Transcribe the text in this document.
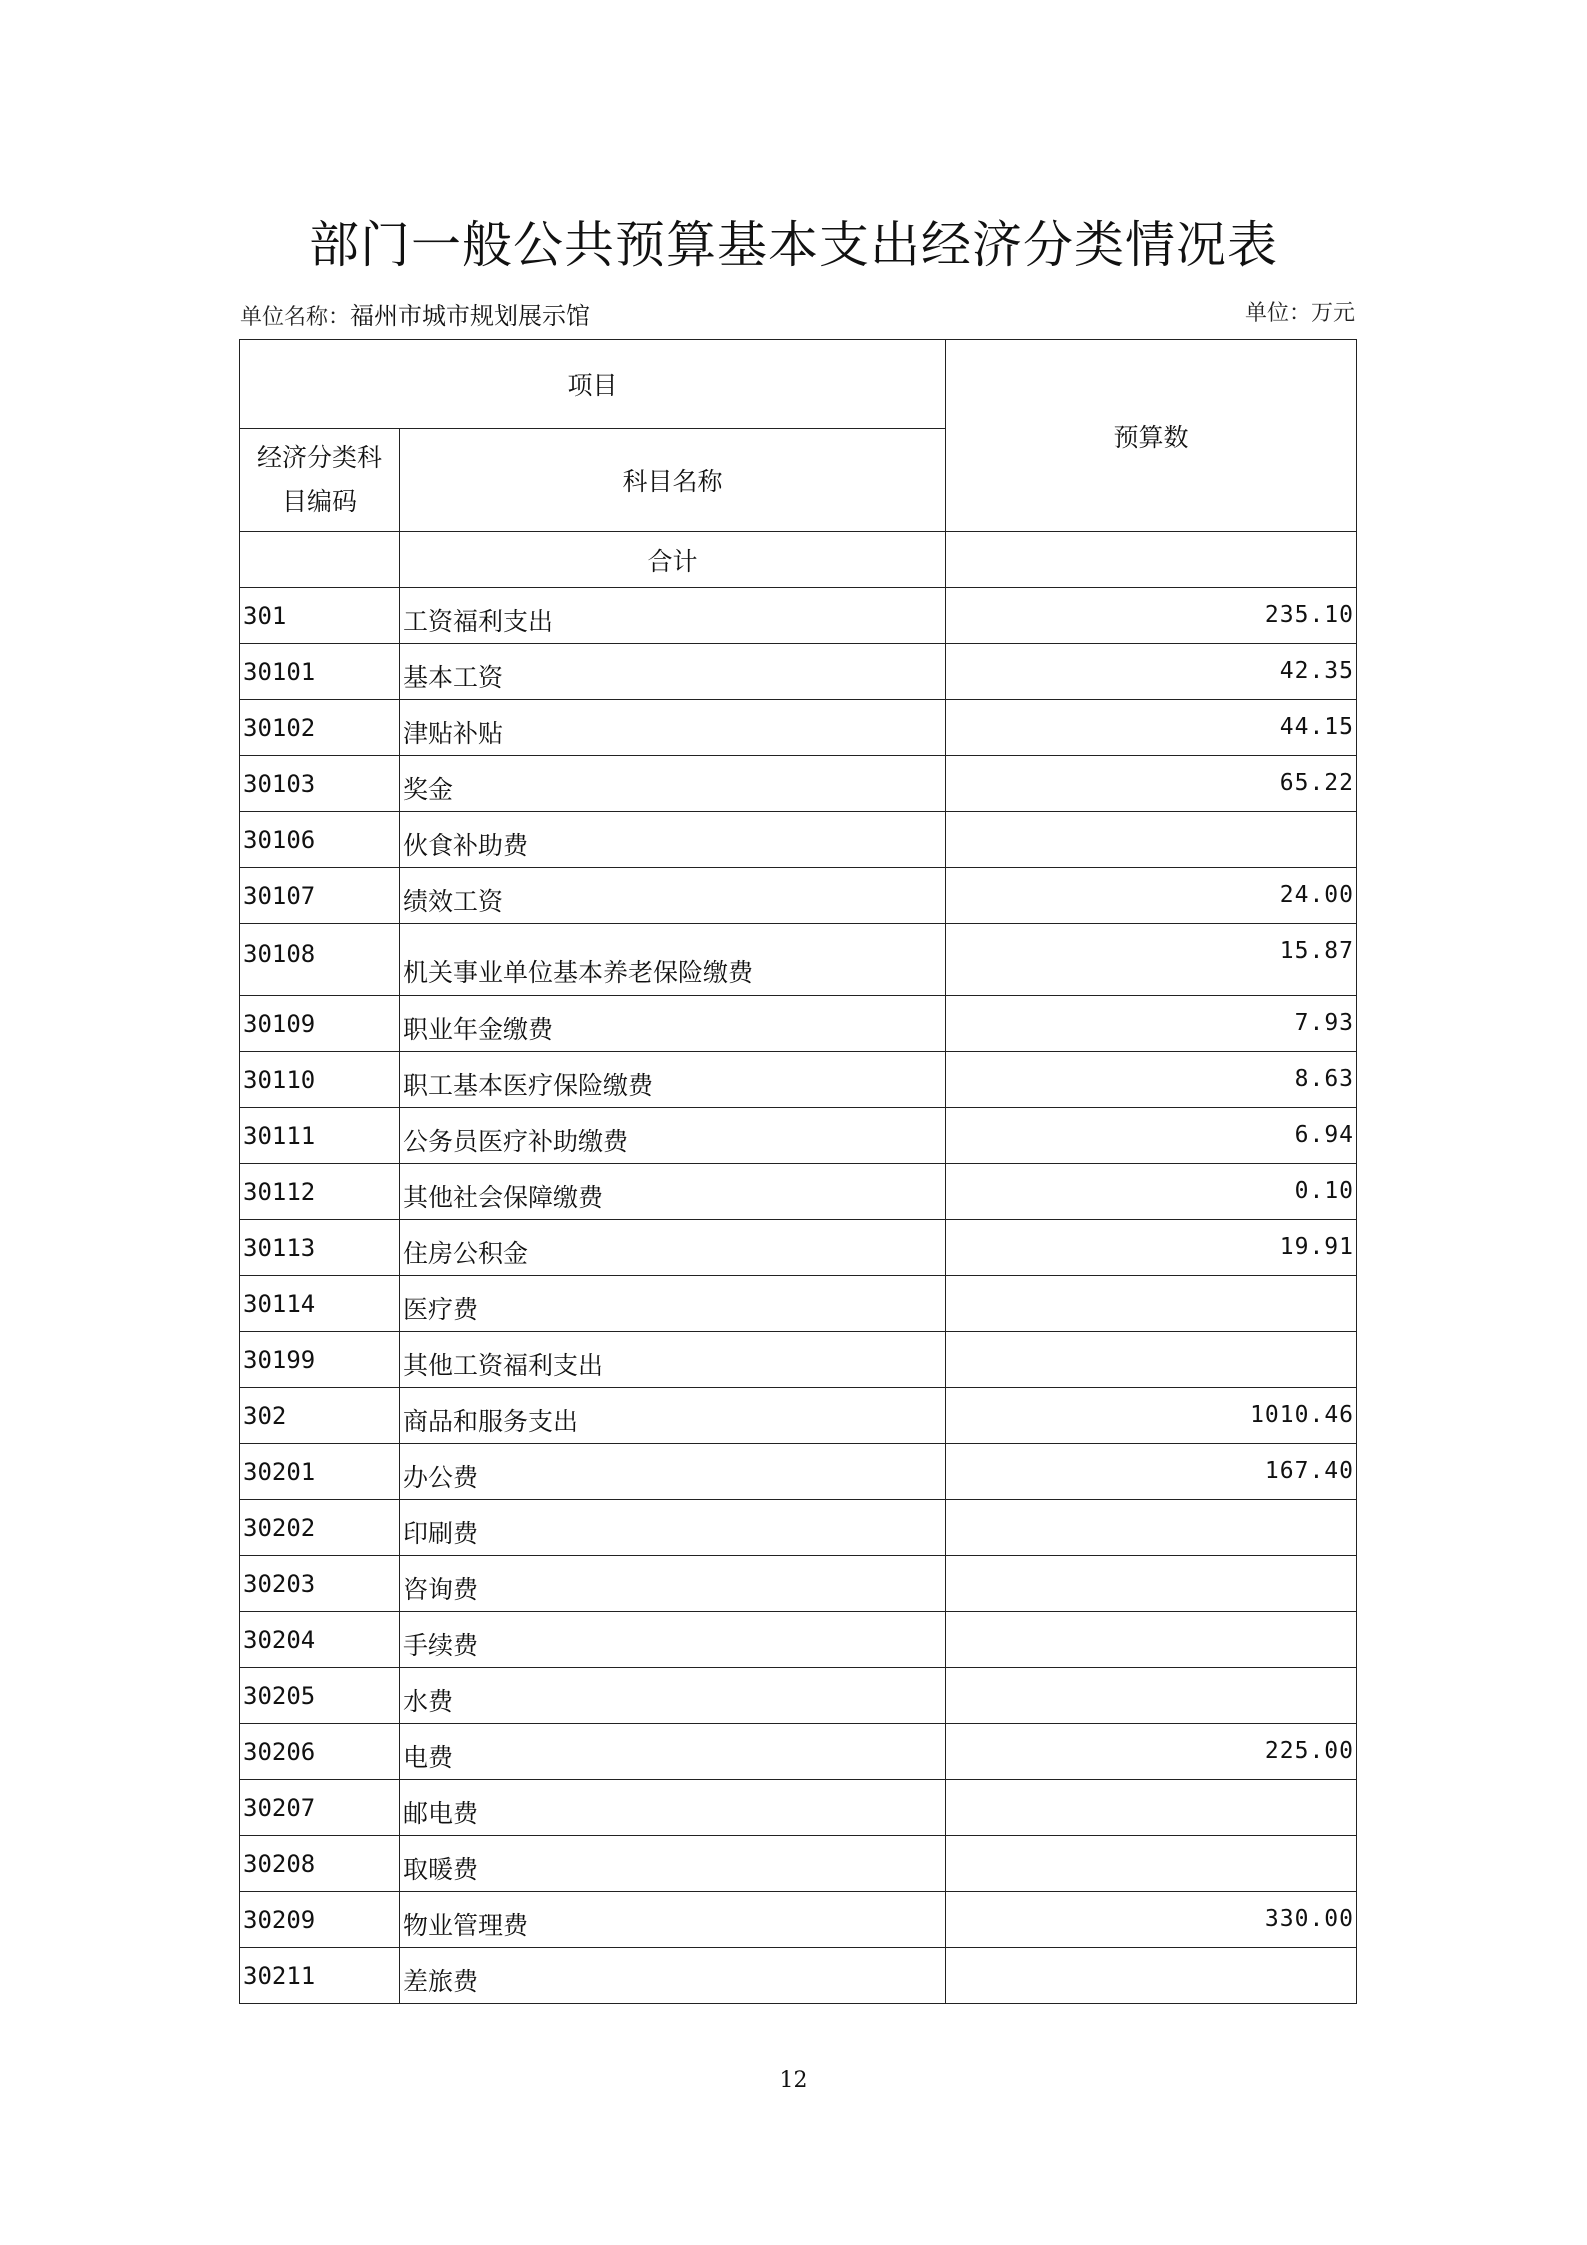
部门一般公共预算基本支出经济分类情况表
单位名称：福州市城市规划展示馆	单位：万元
项目		预算数
经济分类科
目编码	科目名称	
	合计	
301	工资福利支出	235.10
30101	基本工资	42.35
30102	津贴补贴	44.15
30103	奖金	65.22
30106	伙食补助费	
30107	绩效工资	24.00
30108	机关事业单位基本养老保险缴费	15.87
30109	职业年金缴费	7.93
30110	职工基本医疗保险缴费	8.63
30111	公务员医疗补助缴费	6.94
30112	其他社会保障缴费	0.10
30113	住房公积金	19.91
30114	医疗费	
30199	其他工资福利支出	
302	商品和服务支出	1010.46
30201	办公费	167.40
30202	印刷费	
30203	咨询费	
30204	手续费	
30205	水费	
30206	电费	225.00
30207	邮电费	
30208	取暖费	
30209	物业管理费	330.00
30211	差旅费	
12
